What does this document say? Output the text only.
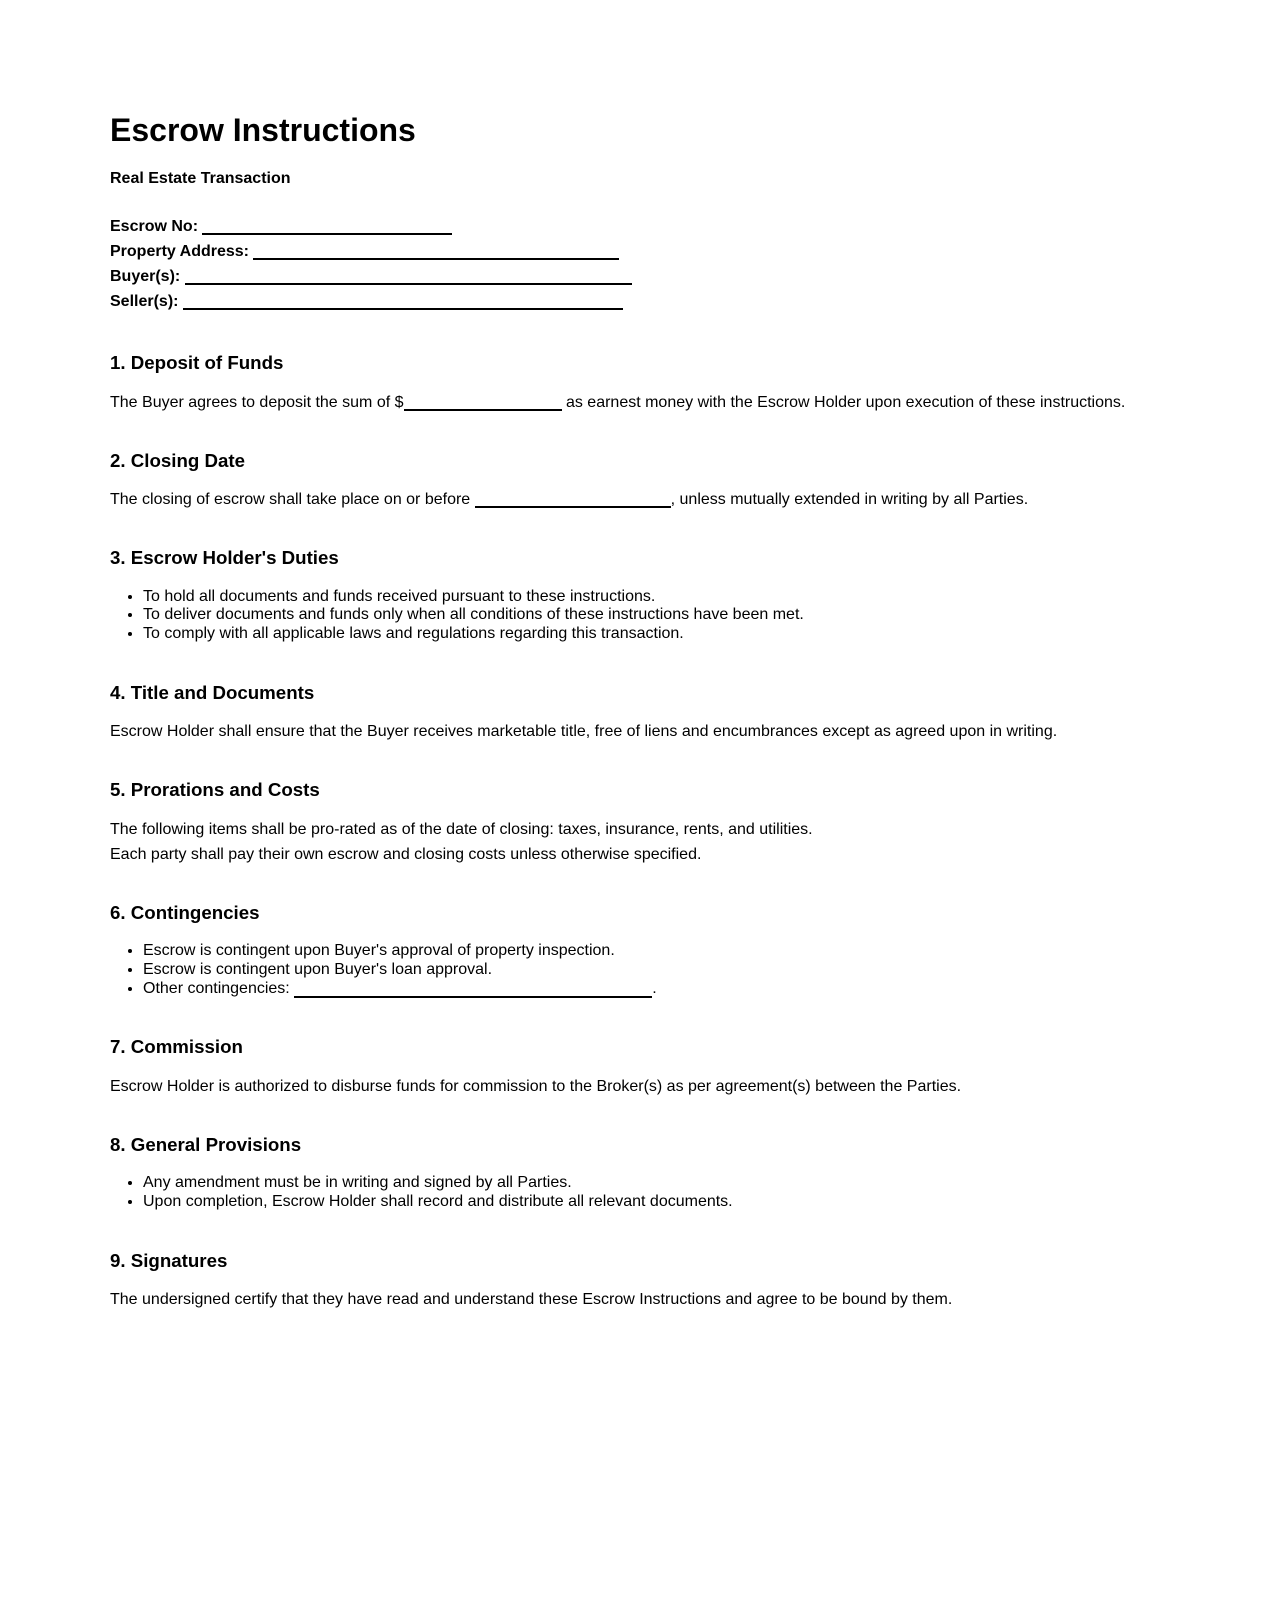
Escrow Instructions

Real Estate Transaction

Escrow No:

Property Address:

Buyer(s):

Seller(s):

1. Deposit of Funds

The Buyer agrees to deposit the sum of $	as earnest money with the Escrow Holder upon execution of these instructions.

2. Closing Date

The closing of escrow shall take place on or before	, unless mutually extended in writing by all Parties.

3. Escrow Holder's Duties
• To hold all documents and funds received pursuant to these instructions.
• To deliver documents and funds only when all conditions of these instructions have been met.
• To comply with all applicable laws and regulations regarding this transaction.
4. Title and Documents

Escrow Holder shall ensure that the Buyer receives marketable title, free of liens and encumbrances except as agreed upon in writing.

5. Prorations and Costs

The following items shall be pro-rated as of the date of closing: taxes, insurance, rents, and utilities.

Each party shall pay their own escrow and closing costs unless otherwise specified.

6. Contingencies
• Escrow is contingent upon Buyer's approval of property inspection.
• Escrow is contingent upon Buyer's loan approval.
• Other contingencies:	.
7. Commission

Escrow Holder is authorized to disburse funds for commission to the Broker(s) as per agreement(s) between the Parties.

8. General Provisions
• Any amendment must be in writing and signed by all Parties.
• Upon completion, Escrow Holder shall record and distribute all relevant documents.
9. Signatures

The undersigned certify that they have read and understand these Escrow Instructions and agree to be bound by them.
